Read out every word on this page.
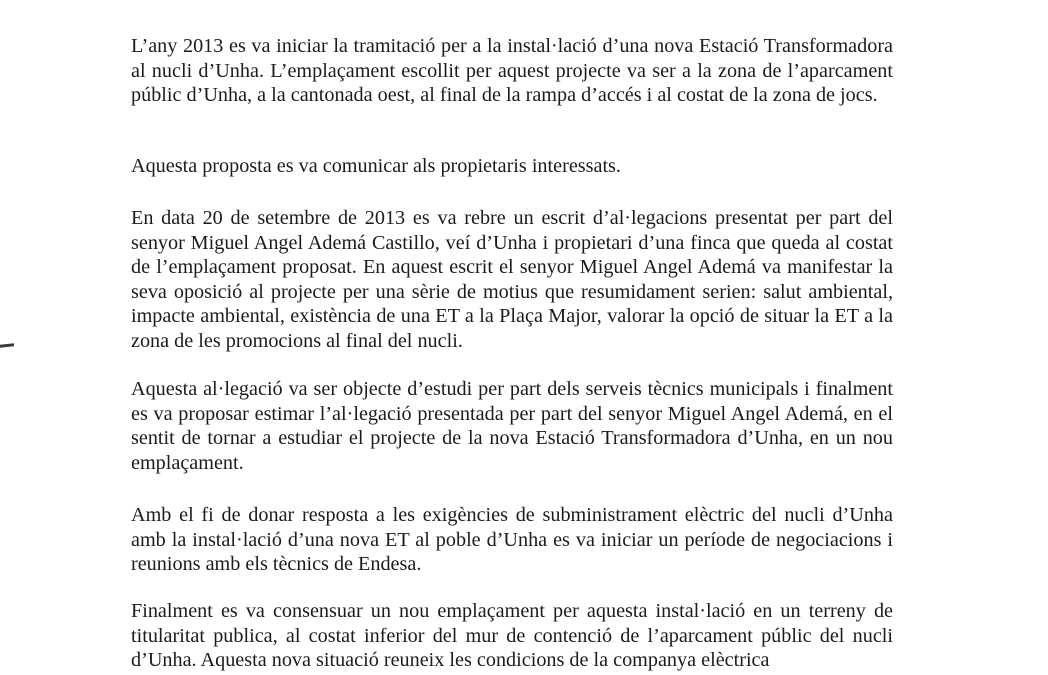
L’any 2013 es va iniciar la tramitació per a la instal·lació d’una nova Estació Transformadora al nucli d’Unha. L’emplaçament escollit per aquest projecte va ser a la zona de l’aparcament públic d’Unha, a la cantonada oest, al final de la rampa d’accés i al costat de la zona de jocs.

Aquesta proposta es va comunicar als propietaris interessats.

En data 20 de setembre de 2013 es va rebre un escrit d’al·legacions presentat per part del senyor Miguel Angel Ademá Castillo, veí d’Unha i propietari d’una finca que queda al costat de l’emplaçament proposat. En aquest escrit el senyor Miguel Angel Ademá va manifestar la seva oposició al projecte per una sèrie de motius que resumidament serien: salut ambiental, impacte ambiental, existència de una ET a la Plaça Major, valorar la opció de situar la ET a la zona de les promocions al final del nucli.

Aquesta al·legació va ser objecte d’estudi per part dels serveis tècnics municipals i finalment es va proposar estimar l’al·legació presentada per part del senyor Miguel Angel Ademá, en el sentit de tornar a estudiar el projecte de la nova Estació Transformadora d’Unha, en un nou emplaçament.

Amb el fi de donar resposta a les exigències de subministrament elèctric del nucli d’Unha amb la instal·lació d’una nova ET al poble d’Unha es va iniciar un període de negociacions i reunions amb els tècnics de Endesa.

Finalment es va consensuar un nou emplaçament per aquesta instal·lació en un terreny de titularitat publica, al costat inferior del mur de contenció de l’aparcament públic del nucli d’Unha. Aquesta nova situació reuneix les condicions de la companya elèctrica
